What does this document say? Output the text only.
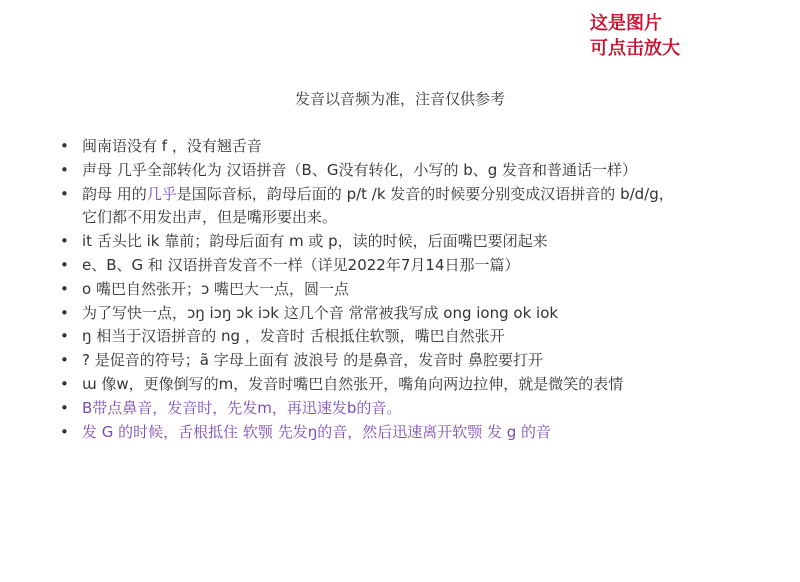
这是图片
可点击放大
发音以音频为准，注音仅供参考
• 闽南语没有 f ，没有翘舌音
• 声母 几乎全部转化为 汉语拼音（B、G没有转化，小写的 b、g 发音和普通话一样）
• 韵母 用的几乎是国际音标，韵母后面的 p/t /k 发音的时候要分别变成汉语拼音的 b/d/g，
它们都不用发出声，但是嘴形要出来。
• it 舌头比 ik 靠前；韵母后面有 m 或 p，读的时候，后面嘴巴要闭起来
• e、B、G 和 汉语拼音发音不一样（详见2022年7月14日那一篇）
• o 嘴巴自然张开；ɔ 嘴巴大一点，圆一点
• 为了写快一点，ɔŋ iɔŋ ɔk iɔk 这几个音 常常被我写成 ong iong ok iok
• ŋ 相当于汉语拼音的 ng ，发音时 舌根抵住软颚，嘴巴自然张开
• ? 是促音的符号；ã 字母上面有 波浪号 的是鼻音，发音时 鼻腔要打开
• ɯ 像w，更像倒写的m，发音时嘴巴自然张开，嘴角向两边拉伸，就是微笑的表情
• B带点鼻音，发音时，先发m，再迅速发b的音。
• 发 G 的时候，舌根抵住 软颚 先发ŋ的音，然后迅速离开软颚 发 g 的音
